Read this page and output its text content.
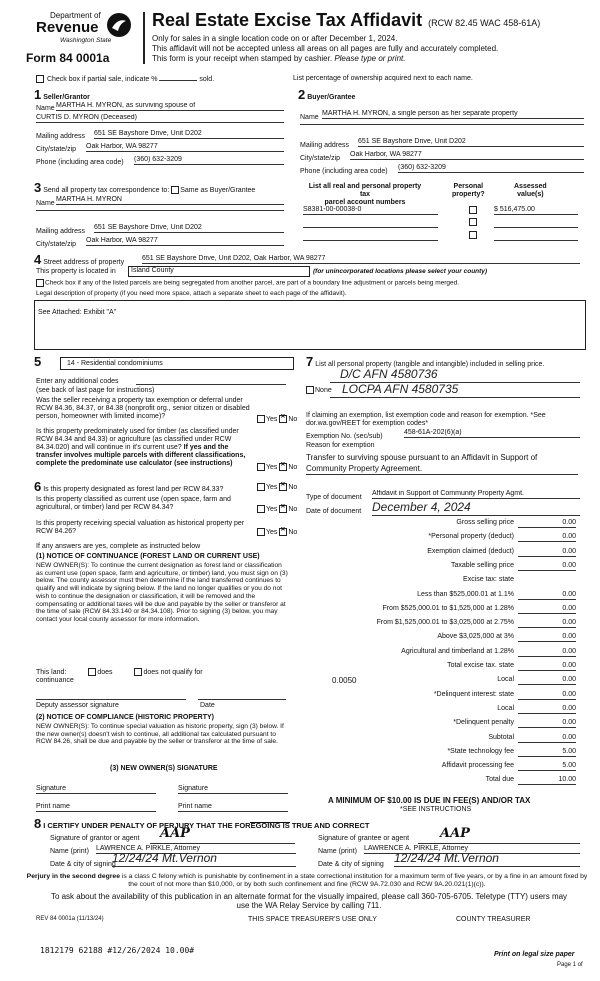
Department of
Revenue
Washington State
Form 84 0001a
Real Estate Excise Tax Affidavit (RCW 82.45 WAC 458-61A)
Only for sales in a single location code on or after December 1, 2024.
This affidavit will not be accepted unless all areas on all pages are fully and accurately completed.
This form is your receipt when stamped by cashier. Please type or print.
Check box if partial sale, indicate %	sold.	List percentage of ownership acquired next to each name.
1 Seller/Grantor
Name MARTHA H. MYRON, as surviving spouse of
CURTIS D. MYRON (Deceased)
Mailing address 651 SE Bayshore Drive, Unit D202
City/state/zip Oak Harbor, WA 98277
Phone (including area code) (360) 632-3209
2 Buyer/Grantee
Name
MARTHA H. MYRON, a single person as her separate property
Mailing address
651 SE Bayshore Drive, Unit D202
City/state/zip
Oak Harbor, WA 98277
Phone (including area code)
(360) 632-3209
3 Send all property tax correspondence to: Same as Buyer/Grantee
Name
MARTHA H. MYRON
Mailing address
651 SE Bayshore Drive, Unit D202
City/state/zip
Oak Harbor, WA 98277
List all real and personal property tax
parcel account numbers
Personal
property?
Assessed
value(s)
S8381-00-00038-0	$ 516,475.00
4 Street address of property
651 SE Bayshore Drive, Unit D202, Oak Harbor, WA 98277
This property is located in	Island County	(for unincorporated locations please select your county)
Check box if any of the listed parcels are being segregated from another parcel, are part of a boundary line adjustment or parcels being merged.
Legal description of property (if you need more space, attach a separate sheet to each page of the affidavit).
See Attached: Exhibit "A"
5	14 - Residential condominiums
Enter any additional codes
(see back of last page for instructions)
Was the seller receiving a property tax exemption or deferral under RCW 84.36, 84.37, or 84.38 (nonprofit org., senior citizen or disabled person, homeowner with limited income)?	Yes ✕ No
Is this property predominately used for timber (as classified under RCW 84.34 and 84.33) or agriculture (as classified under RCW 84.34.020) and will continue in it's current use? If yes and the transfer involves multiple parcels with different classifications, complete the predominate use calculator (see instructions)
Yes ✕ No
6 Is this property designated as forest land per RCW 84.33?	Yes ✕ No
Is this property classified as current use (open space, farm and agricultural, or timber) land per RCW 84.34?	Yes ✕ No
Is this property receiving special valuation as historical property per RCW 84.26?	Yes ✕ No
If any answers are yes, complete as instructed below
(1) NOTICE OF CONTINUANCE (FOREST LAND OR CURRENT USE)
NEW OWNER(S): To continue the current designation as forest land or classification as current use (open space, farm and agriculture, or timber) land, you must sign on (3) below. The county assessor must then determine if the land transferred continues to qualify and will indicate by signing below. If the land no longer qualifies or you do not wish to continue the designation or classification, it will be removed and the compensating or additional taxes will be due and payable by the seller or transferor at the time of sale (RCW 84.33.140 or 84.34.108). Prior to signing (3) below, you may contact your local county assessor for more information.
This land:	does	does not qualify for
continuance
Deputy assessor signature	Date
(2) NOTICE OF COMPLIANCE (HISTORIC PROPERTY)
NEW OWNER(S): To continue special valuation as historic property, sign (3) below. If the new owner(s) doesn't wish to continue, all additional tax calculated pursuant to RCW 84.26, shall be due and payable by the seller or transferor at the time of sale.
(3) NEW OWNER(S) SIGNATURE
Signature	Signature
Print name	Print name
7 List all personal property (tangible and intangible) included in selling price.
D/C AFN 4580736
None LOCPA AFN 4580735
If claiming an exemption, list exemption code and reason for exemption. *See dor.wa.gov/REET for exemption codes*
Exemption No. (sec/sub)
458-61A-202(6)(a)
Reason for exemption
Transfer to surviving spouse pursuant to an Affidavit in Support of Community Property Agreement.
Type of document
Affidavit in Support of Community Property Agmt.
Date of document December 4, 2024
Gross selling price	0.00
*Personal property (deduct)	0.00
Exemption claimed (deduct)	0.00
Taxable selling price	0.00
Excise tax: state
Less than $525,000.01 at 1.1%	0.00
From $525,000.01 to $1,525,000 at 1.28%	0.00
From $1,525,000.01 to $3,025,000 at 2.75%	0.00
Above $3,025,000 at 3%	0.00
Agricultural and timberland at 1.28%	0.00
Total excise tax. state	0.00
Local
0.0050	0.00
*Delinquent interest: state	0.00
Local	0.00
*Delinquent penalty	0.00
Subtotal	0.00
*State technology fee	5.00
Affidavit processing fee	5.00
Total due	10.00
A MINIMUM OF $10.00 IS DUE IN FEE(S) AND/OR TAX
*SEE INSTRUCTIONS
8 I CERTIFY UNDER PENALTY OF PERJURY THAT THE FOREGOING IS TRUE AND CORRECT
Signature of grantor or agent AAP
Name (print) LAWRENCE A. PIRKLE, Attorney
Date & city of signing
12/24/24 Mt.Vernon
Signature of grantee or agent AAP
Name (print) LAWRENCE A. PIRKLE, Attorney
Date & city of signing 12/24/24 Mt.Vernon
Perjury in the second degree is a class C felony which is punishable by confinement in a state correctional institution for a maximum term of five years, or by a fine in an amount fixed by the court of not more than $10,000, or by both such confinement and fine (RCW 9A.72.030 and RCW 9A.20.021(1)(c)).
To ask about the availability of this publication in an alternate format for the visually impaired, please call 360-705-6705. Teletype (TTY) users may use the WA Relay Service by calling 711.
REV 84 0001a (11/13/24)	THIS SPACE TREASURER'S USE ONLY	COUNTY TREASURER
1812179 62188 #12/26/2024 10.00#	Print on legal size paper
Page 1 of
